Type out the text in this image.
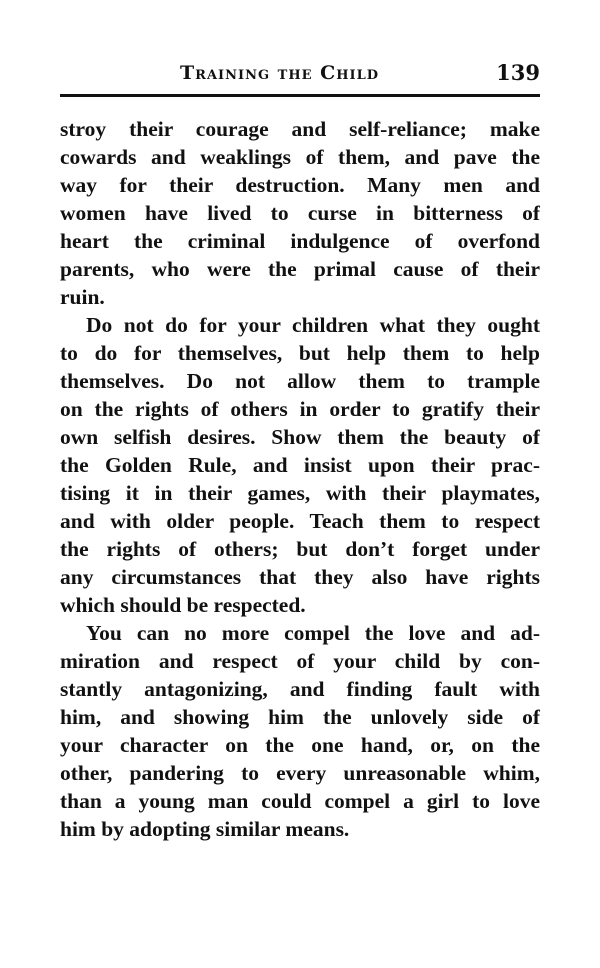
Training the Child	139
stroy their courage and self-reliance; make
cowards and weaklings of them, and pave the
way for their destruction. Many men and
women have lived to curse in bitterness of
heart the criminal indulgence of overfond
parents, who were the primal cause of their
ruin.
Do not do for your children what they ought
to do for themselves, but help them to help
themselves. Do not allow them to trample
on the rights of others in order to gratify their
own selfish desires. Show them the beauty of
the Golden Rule, and insist upon their prac-
tising it in their games, with their playmates,
and with older people. Teach them to respect
the rights of others; but don’t forget under
any circumstances that they also have rights
which should be respected.
You can no more compel the love and ad-
miration and respect of your child by con-
stantly antagonizing, and finding fault with
him, and showing him the unlovely side of
your character on the one hand, or, on the
other, pandering to every unreasonable whim,
than a young man could compel a girl to love
him by adopting similar means.
